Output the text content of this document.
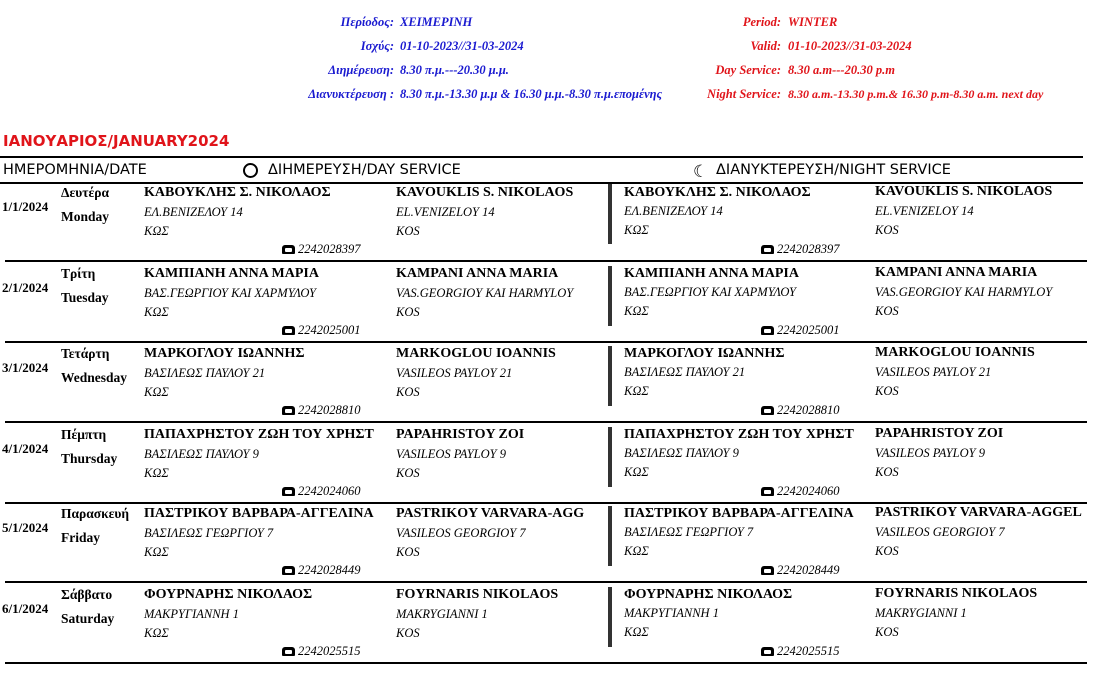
Περίοδος: ΧΕΙΜΕΡΙΝΗ
Ισχύς: 01-10-2023//31-03-2024
Διημέρευση: 8.30 π.μ.---20.30 μ.μ.
Διανυκτέρευση : 8.30 π.μ.-13.30 μ.μ & 16.30 μ.μ.-8.30 π.μ.επομένης
Period: WINTER
Valid: 01-10-2023//31-03-2024
Day Service: 8.30 a.m---20.30 p.m
Night Service: 8.30 a.m.-13.30 p.m.& 16.30 p.m-8.30 a.m. next day
ΙΑΝΟΥΑΡΙΟΣ/JANUARY2024
ΗΜΕΡΟΜΗΝΙΑ/DATE	ΔΙΗΜΕΡΕΥΣΗ/DAY SERVICE	☾ ΔΙΑΝΥΚΤΕΡΕΥΣΗ/NIGHT SERVICE
1/1/2024
Δευτέρα
Monday
ΚΑΒΟΥΚΛΗΣ Σ. ΝΙΚΟΛΑΟΣ
ΕΛ.ΒΕΝΙΖΕΛΟΥ 14
ΚΩΣ
KAVOUKLIS S. NIKOLAOS
EL.VENIZELOY 14
KOS
2242028397
ΚΑΒΟΥΚΛΗΣ Σ. ΝΙΚΟΛΑΟΣ
ΕΛ.ΒΕΝΙΖΕΛΟΥ 14
ΚΩΣ
KAVOUKLIS S. NIKOLAOS
EL.VENIZELOY 14
KOS
2242028397
2/1/2024
Τρίτη
Tuesday
ΚΑΜΠΙΑΝΗ ΑΝΝΑ ΜΑΡΙΑ
ΒΑΣ.ΓΕΩΡΓΙΟΥ ΚΑΙ ΧΑΡΜΥΛΟΥ
ΚΩΣ
KAMPANI ANNA MARIA
VAS.GEORGIOY KAI HARMYLOY
KOS
2242025001
ΚΑΜΠΙΑΝΗ ΑΝΝΑ ΜΑΡΙΑ
ΒΑΣ.ΓΕΩΡΓΙΟΥ ΚΑΙ ΧΑΡΜΥΛΟΥ
ΚΩΣ
KAMPANI ANNA MARIA
VAS.GEORGIOY KAI HARMYLOY
KOS
2242025001
3/1/2024
Τετάρτη
Wednesday
ΜΑΡΚΟΓΛΟΥ ΙΩΑΝΝΗΣ
ΒΑΣΙΛΕΩΣ ΠΑΥΛΟΥ 21
ΚΩΣ
MARKOGLOU IOANNIS
VASILEOS PAYLOY 21
KOS
2242028810
ΜΑΡΚΟΓΛΟΥ ΙΩΑΝΝΗΣ
ΒΑΣΙΛΕΩΣ ΠΑΥΛΟΥ 21
ΚΩΣ
MARKOGLOU IOANNIS
VASILEOS PAYLOY 21
KOS
2242028810
4/1/2024
Πέμπτη
Thursday
ΠΑΠΑΧΡΗΣΤΟΥ ΖΩΗ ΤΟΥ ΧΡΗΣΤ
ΒΑΣΙΛΕΩΣ ΠΑΥΛΟΥ 9
ΚΩΣ
PAPAHRISTOY ZOI
VASILEOS PAYLOY 9
KOS
2242024060
ΠΑΠΑΧΡΗΣΤΟΥ ΖΩΗ ΤΟΥ ΧΡΗΣΤ
ΒΑΣΙΛΕΩΣ ΠΑΥΛΟΥ 9
ΚΩΣ
PAPAHRISTOY ZOI
VASILEOS PAYLOY 9
KOS
2242024060
5/1/2024
Παρασκευή
Friday
ΠΑΣΤΡΙΚΟΥ ΒΑΡΒΑΡΑ-ΑΓΓΕΛΙΝΑ
ΒΑΣΙΛΕΩΣ ΓΕΩΡΓΙΟΥ 7
ΚΩΣ
PASTRIKOY VARVARA-AGG
VASILEOS GEORGIOY 7
KOS
2242028449
ΠΑΣΤΡΙΚΟΥ ΒΑΡΒΑΡΑ-ΑΓΓΕΛΙΝΑ
ΒΑΣΙΛΕΩΣ ΓΕΩΡΓΙΟΥ 7
ΚΩΣ
PASTRIKOY VARVARA-AGGEL
VASILEOS GEORGIOY 7
KOS
2242028449
6/1/2024
Σάββατο
Saturday
ΦΟΥΡΝΑΡΗΣ ΝΙΚΟΛΑΟΣ
ΜΑΚΡΥΓΙΑΝΝΗ 1
ΚΩΣ
FOYRNARIS NIKOLAOS
MAKRYGIANNI 1
KOS
2242025515
ΦΟΥΡΝΑΡΗΣ ΝΙΚΟΛΑΟΣ
ΜΑΚΡΥΓΙΑΝΝΗ 1
ΚΩΣ
FOYRNARIS NIKOLAOS
MAKRYGIANNI 1
KOS
2242025515
